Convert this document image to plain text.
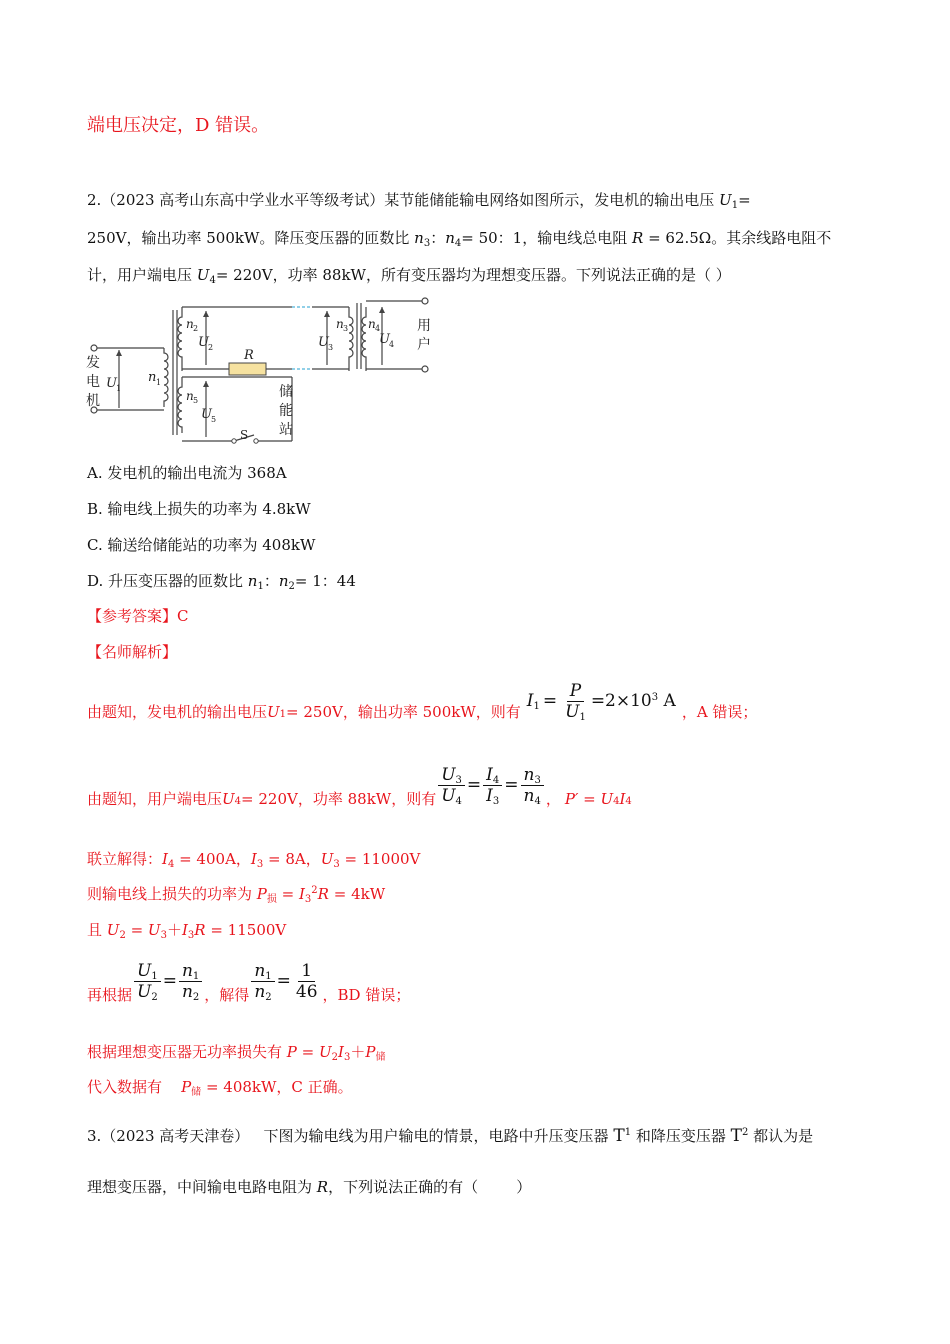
端电压决定，D 错误。
2.（2023 高考山东高中学业水平等级考试）某节能储能输电网络如图所示，发电机的输出电压 $U_1=$
250V，输出功率 500kW。降压变压器的匝数比 $n_3$：$n_4= 50$：1，输电线总电阻 R = 62.5Ω。其余线路电阻不
计，用户端电压 $U_4= 220V$，功率 88kW，所有变压器均为理想变压器。下列说法正确的是（ ）
发
电
机
U 1
n 1
n 2
U 2
n 5
U 5
R
S
储
能
站
U 3
n 3 n 4
U 4
用
户
A. 发电机的输出电流为 368A
B. 输电线上损失的功率为 4.8kW
C. 输送给储能站的功率为 408kW
D. 升压变压器的匝数比 $n_1$：$n_2= 1$：44
【参考答案】C
【名师解析】
由题知，发电机的输出电压 U 1 = 250V，输出功率 500kW，则有
$I_1 = \frac{P}{U_1} =2\times 10^3$ A
，A 错误；
由题知，用户端电压 U 4 = 220V，功率 88kW，则有 $\frac{U_3}{U_4} = \frac{I_4}{I_3} = \frac{n_3}{n_4}$ ， P′ = U 4 I 4
联立解得：$I_4 = 400A$，$I_3 = 8A$，$U_3 = 11000V$
则输电线上损失的功率为 $P_损 = I_3^2R = 4kW$
且 $U_2 = U_3+I_3R = 11500V$
再根据 $\frac{U_1}{U_2} = \frac{n_1}{n_2}$ ，解得 $\frac{n_1}{n_2} = \frac{1}{46}$ ，BD 错误；
根据理想变压器无功率损失有 $P = U_2I_3+P_储$
代入数据有    $P_储 = 408kW$，C 正确。
3.（2023 高考天津卷）   下图为输电线为用户输电的情景，电路中升压变压器 $T^1$ 和降压变压器 $T^2$ 都认为是
理想变压器，中间输电电路电阻为 R，下列说法正确的有（        ）
